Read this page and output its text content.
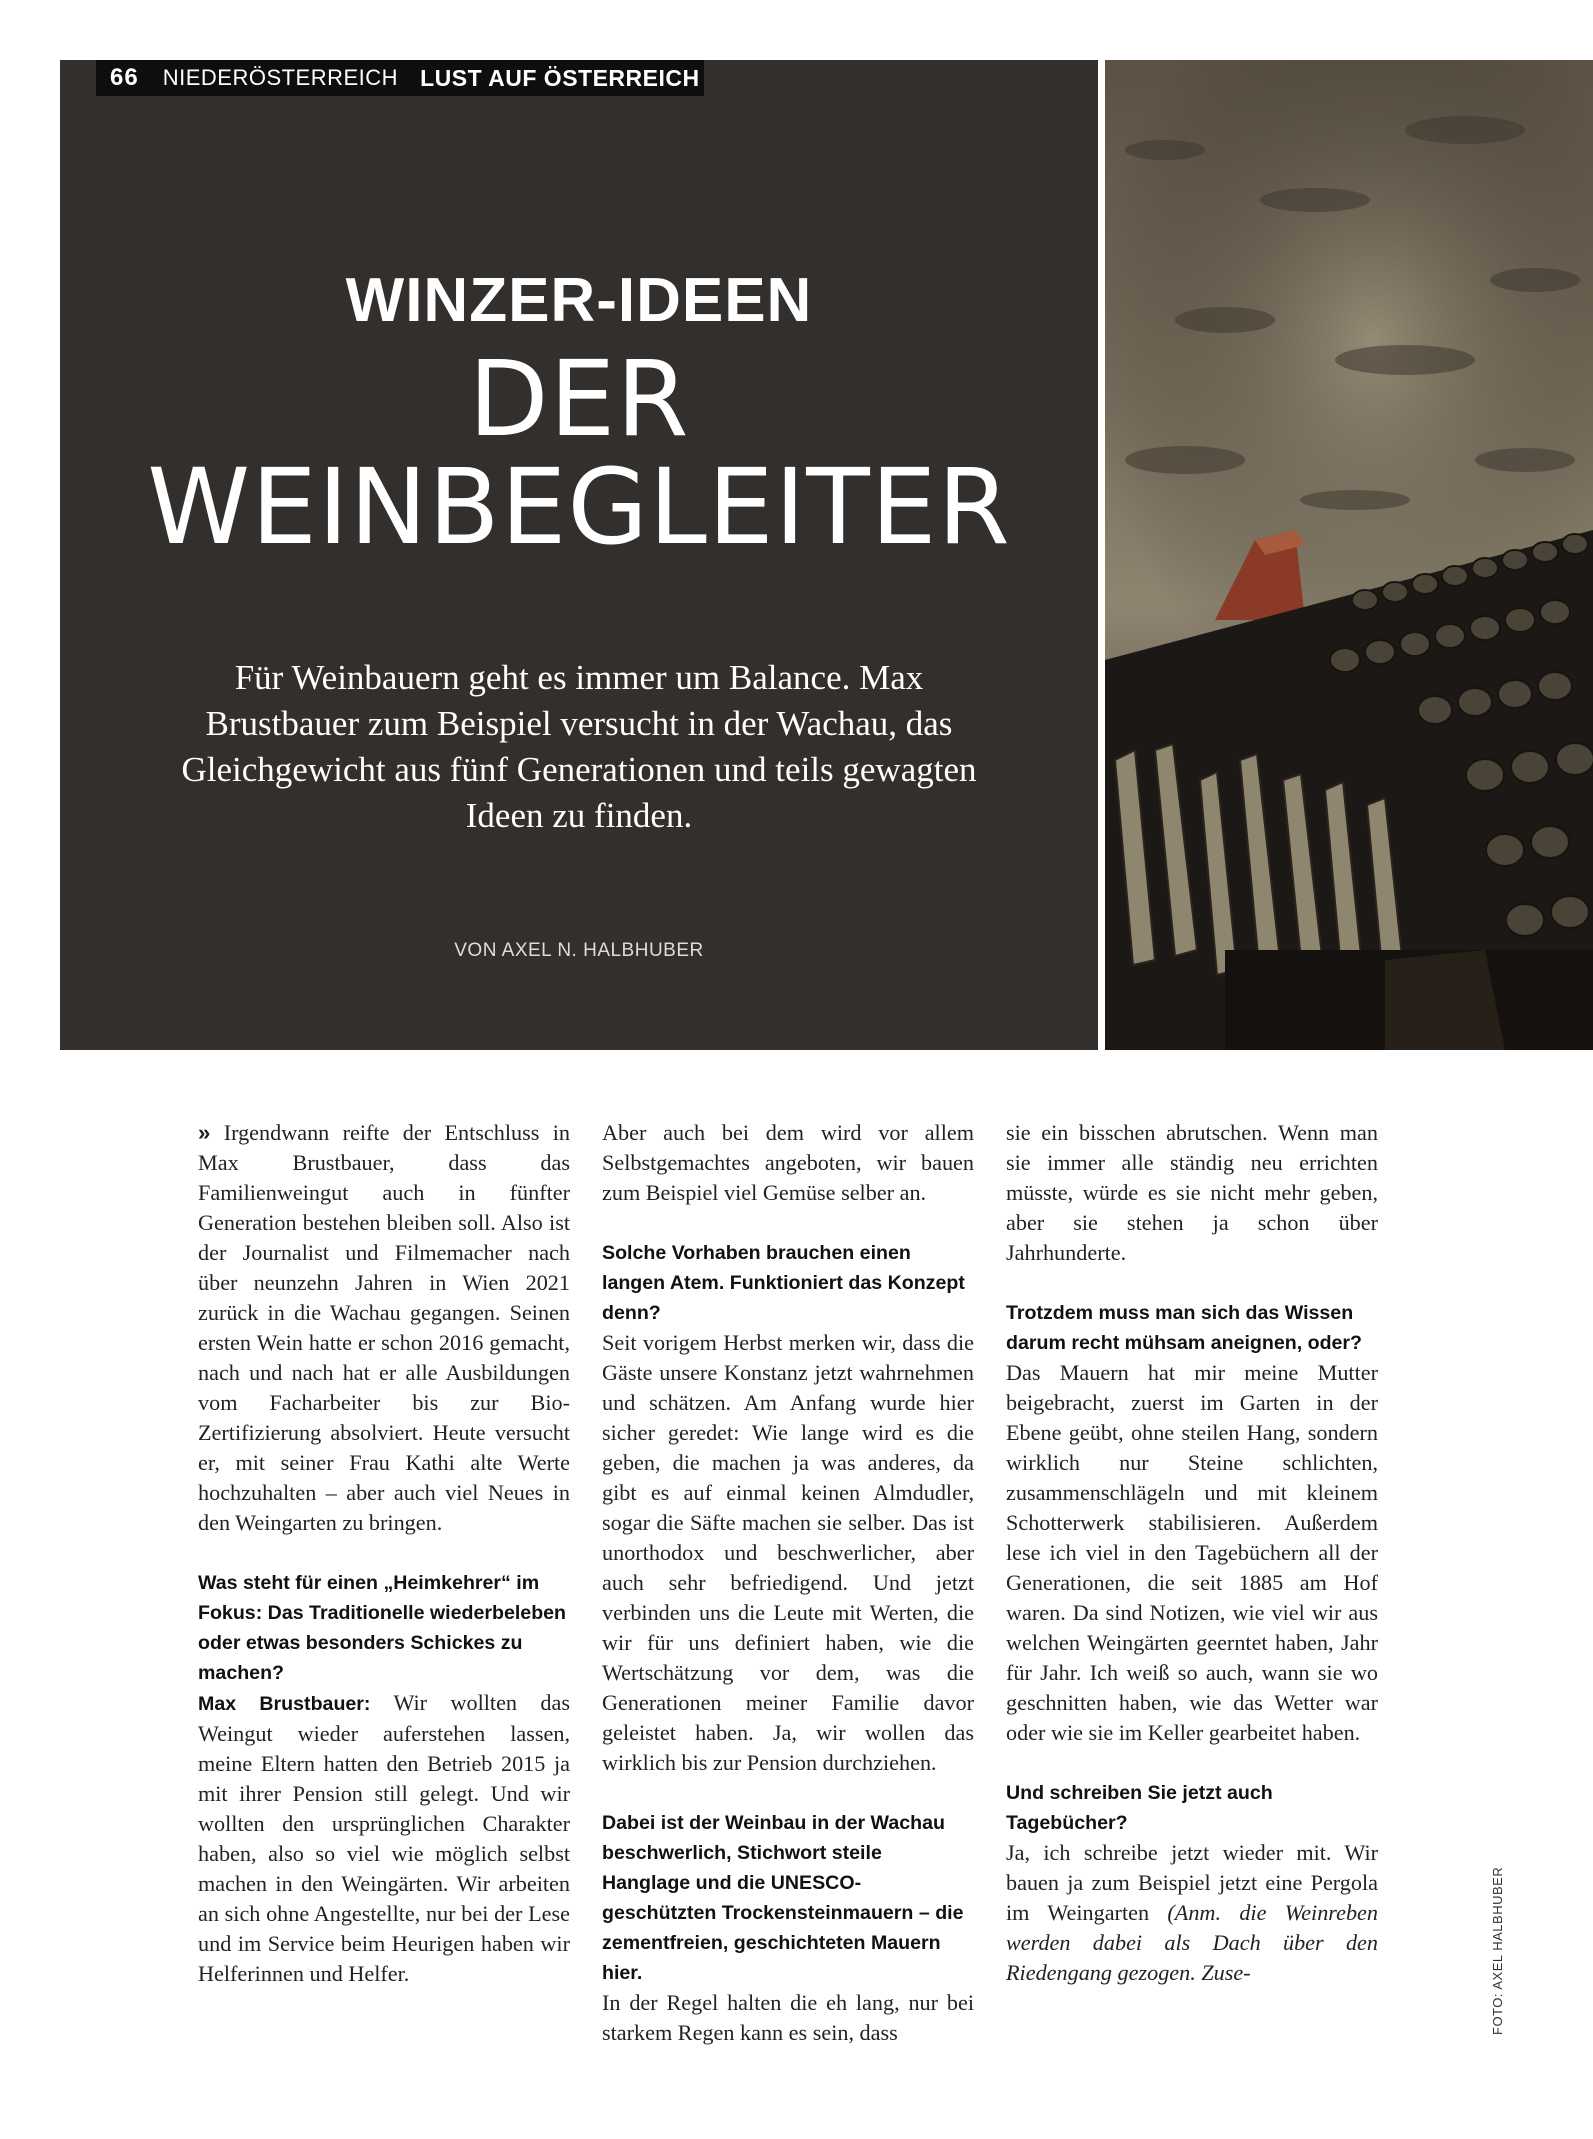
66 NIEDERÖSTERREICH LUST AUF ÖSTERREICH
WINZER-IDEEN
DER
WEINBEGLEITER
Für Weinbauern geht es immer um Balance. Max Brustbauer zum Beispiel versucht in der Wachau, das Gleichgewicht aus fünf Generationen und teils gewagten Ideen zu finden.
VON AXEL N. HALBHUBER

» Irgendwann reifte der Entschluss in Max Brustbauer, dass das Familienweingut auch in fünfter Generation bestehen bleiben soll. Also ist der Journalist und Filmemacher nach über neunzehn Jahren in Wien 2021 zurück in die Wachau gegangen. Seinen ersten Wein hatte er schon 2016 gemacht, nach und nach hat er alle Ausbildungen vom Facharbeiter bis zur Bio-Zertifizierung absolviert. Heute versucht er, mit seiner Frau Kathi alte Werte hochzuhalten – aber auch viel Neues in den Weingarten zu bringen.

Was steht für einen „Heimkehrer“ im Fokus: Das Traditionelle wiederbeleben oder etwas besonders Schickes zu machen?

Max Brustbauer: Wir wollten das Weingut wieder auferstehen lassen, meine Eltern hatten den Betrieb 2015 ja mit ihrer Pension still gelegt. Und wir wollten den ursprünglichen Charakter haben, also so viel wie möglich selbst machen in den Weingärten. Wir arbeiten an sich ohne Angestellte, nur bei der Lese und im Service beim Heurigen haben wir Helferinnen und Helfer.

Aber auch bei dem wird vor allem Selbstgemachtes angeboten, wir bauen zum Beispiel viel Gemüse selber an.

Solche Vorhaben brauchen einen langen Atem. Funktioniert das Konzept denn?

Seit vorigem Herbst merken wir, dass die Gäste unsere Konstanz jetzt wahrnehmen und schätzen. Am Anfang wurde hier sicher geredet: Wie lange wird es die geben, die machen ja was anderes, da gibt es auf einmal keinen Almdudler, sogar die Säfte machen sie selber. Das ist unorthodox und beschwerlicher, aber auch sehr befriedigend. Und jetzt verbinden uns die Leute mit Werten, die wir für uns definiert haben, wie die Wertschätzung vor dem, was die Generationen meiner Familie davor geleistet haben. Ja, wir wollen das wirklich bis zur Pension durchziehen.

Dabei ist der Weinbau in der Wachau beschwerlich, Stichwort steile Hanglage und die UNESCO-geschützten Trockensteinmauern – die zementfreien, geschichteten Mauern hier.

In der Regel halten die eh lang, nur bei starkem Regen kann es sein, dass

sie ein bisschen abrutschen. Wenn man sie immer alle ständig neu errichten müsste, würde es sie nicht mehr geben, aber sie stehen ja schon über Jahrhunderte.

Trotzdem muss man sich das Wissen darum recht mühsam aneignen, oder?

Das Mauern hat mir meine Mutter beigebracht, zuerst im Garten in der Ebene geübt, ohne steilen Hang, sondern wirklich nur Steine schlichten, zusammenschlägeln und mit kleinem Schotterwerk stabilisieren. Außerdem lese ich viel in den Tagebüchern all der Generationen, die seit 1885 am Hof waren. Da sind Notizen, wie viel wir aus welchen Weingärten geerntet haben, Jahr für Jahr. Ich weiß so auch, wann sie wo geschnitten haben, wie das Wetter war oder wie sie im Keller gearbeitet haben.

Und schreiben Sie jetzt auch Tagebücher?

Ja, ich schreibe jetzt wieder mit. Wir bauen ja zum Beispiel jetzt eine Pergola im Weingarten (Anm. die Weinreben werden dabei als Dach über den Riedengang gezogen. Zuse-	FOTO: AXEL HALBHUBER
